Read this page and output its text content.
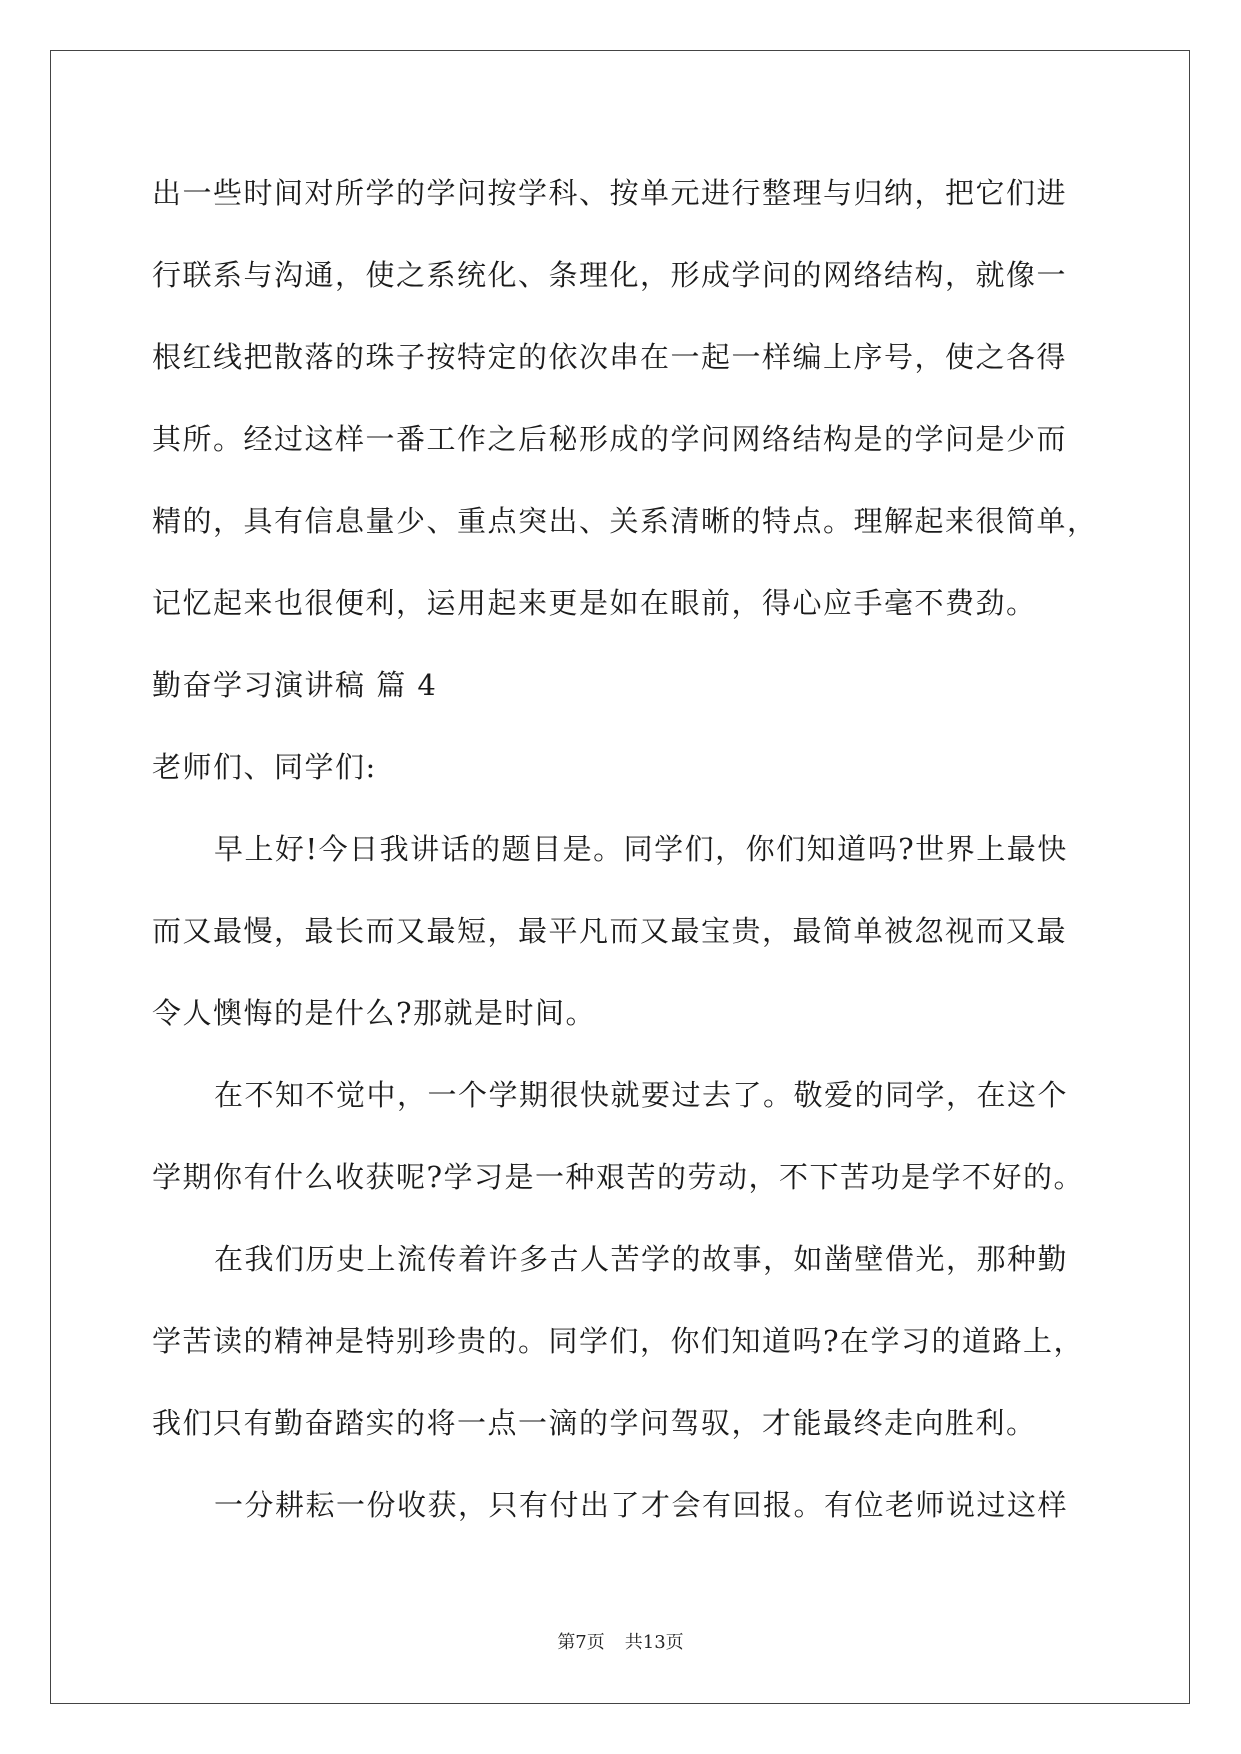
出一些时间对所学的学问按学科、按单元进行整理与归纳，把它们进
行联系与沟通，使之系统化、条理化，形成学问的网络结构，就像一
根红线把散落的珠子按特定的依次串在一起一样编上序号，使之各得
其所。经过这样一番工作之后秘形成的学问网络结构是的学问是少而
精的，具有信息量少、重点突出、关系清晰的特点。理解起来很简单，
记忆起来也很便利，运用起来更是如在眼前，得心应手毫不费劲。
勤奋学习演讲稿 篇 4
老师们、同学们:
早上好!今日我讲话的题目是。同学们，你们知道吗?世界上最快
而又最慢，最长而又最短，最平凡而又最宝贵，最简单被忽视而又最
令人懊悔的是什么?那就是时间。
在不知不觉中，一个学期很快就要过去了。敬爱的同学，在这个
学期你有什么收获呢?学习是一种艰苦的劳动，不下苦功是学不好的。
在我们历史上流传着许多古人苦学的故事，如凿壁借光，那种勤
学苦读的精神是特别珍贵的。同学们，你们知道吗?在学习的道路上，
我们只有勤奋踏实的将一点一滴的学问驾驭，才能最终走向胜利。
一分耕耘一份收获，只有付出了才会有回报。有位老师说过这样
第7页 共13页
